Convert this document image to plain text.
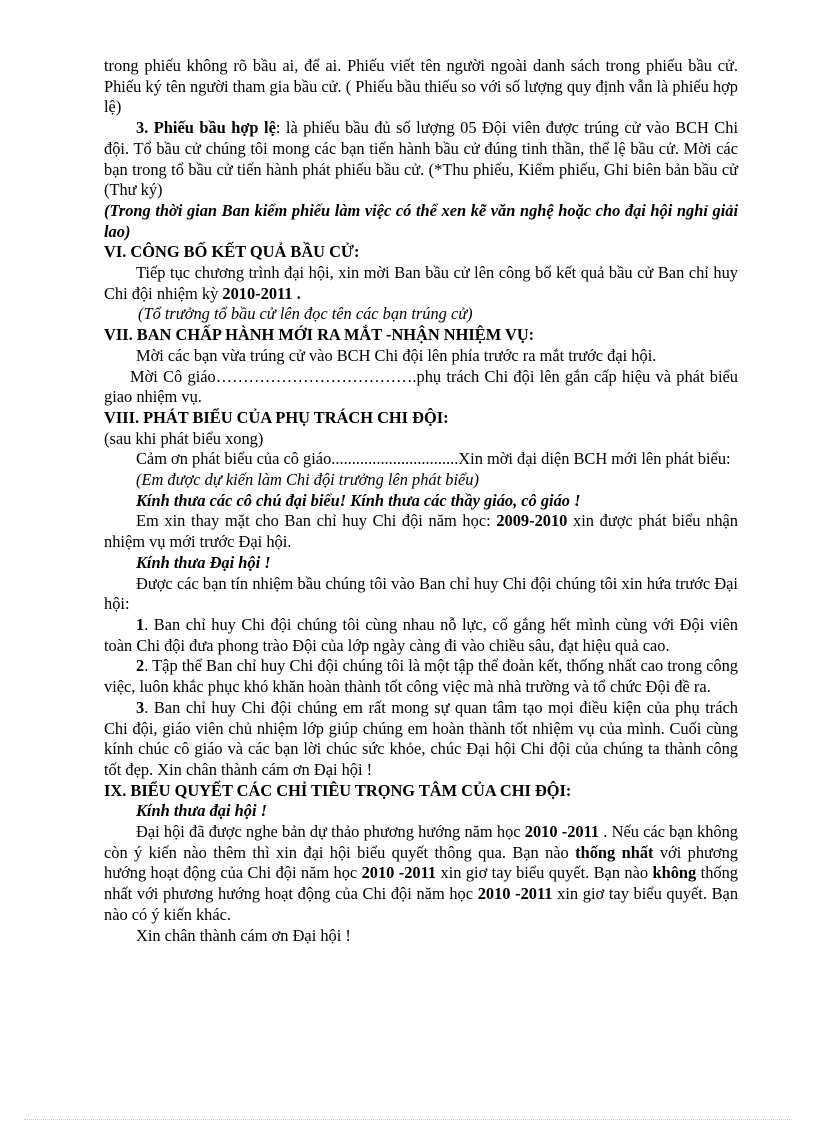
trong phiếu không rõ bầu ai, để ai. Phiếu viết tên người ngoài danh sách trong phiếu bầu cử. Phiếu ký tên người tham gia bầu cử. ( Phiếu bầu thiếu so với số lượng quy định vẫn là phiếu hợp lệ)

3. Phiếu bầu hợp lệ: là phiếu bầu đủ số lượng 05 Đội viên được trúng cử vào BCH Chi đội. Tổ bầu cử chúng tôi mong các bạn tiến hành bầu cử đúng tinh thần, thể lệ bầu cử. Mời các bạn trong tổ bầu cử tiến hành phát phiếu bầu cử. (*Thu phiếu, Kiểm phiếu, Ghi biên bản bầu cử (Thư ký)

(Trong thời gian Ban kiểm phiếu làm việc có thể xen kẽ văn nghệ hoặc cho đại hội nghỉ giải lao)

VI. CÔNG BỐ KẾT QUẢ BẦU CỬ:

Tiếp tục chương trình đại hội, xin mời Ban bầu cử lên công bố kết quả bầu cử Ban chỉ huy Chi đội nhiệm kỳ 2010-2011 .

(Tổ trưởng tổ bầu cử lên đọc tên các bạn trúng cử)

VII. BAN CHẤP HÀNH MỚI RA MẮT -NHẬN NHIỆM VỤ:

Mời các bạn vừa trúng cử vào BCH Chi đội lên phía trước ra mắt trước đại hội.

Mời Cô giáo……………………………….phụ trách Chi đội lên gắn cấp hiệu và phát biểu giao nhiệm vụ.

VIII. PHÁT BIỂU CỦA PHỤ TRÁCH CHI ĐỘI:

(sau khi phát biểu xong)

Cảm ơn phát biểu của cô giáo...............................Xin mời đại diện BCH mới lên phát biểu:

(Em được dự kiến làm Chi đội trưởng lên phát biểu)

Kính thưa các cô chú đại biểu! Kính thưa các thầy giáo, cô giáo !

Em xin thay mặt cho Ban chỉ huy Chi đội năm học: 2009-2010 xin được phát biểu nhận nhiệm vụ mới trước Đại hội.

Kính thưa Đại hội !

Được các bạn tín nhiệm bầu chúng tôi vào Ban chỉ huy Chi đội chúng tôi xin hứa trước Đại hội:

1. Ban chỉ huy Chi đội chúng tôi cùng nhau nỗ lực, cố gắng hết mình cùng với Đội viên toàn Chi đội đưa phong trào Đội của lớp ngày càng đi vào chiều sâu, đạt hiệu quả cao.

2. Tập thể Ban chỉ huy Chi đội chúng tôi là một tập thể đoàn kết, thống nhất cao trong công việc, luôn khắc phục khó khăn hoàn thành tốt công việc mà nhà trường và tổ chức Đội đề ra.

3. Ban chỉ huy Chi đội chúng em rất mong sự quan tâm tạo mọi điều kiện của phụ trách Chi đội, giáo viên chủ nhiệm lớp giúp chúng em hoàn thành tốt nhiệm vụ của mình. Cuối cùng kính chúc cô giáo và các bạn lời chúc sức khỏe, chúc Đại hội Chi đội của chúng ta thành công tốt đẹp. Xin chân thành cám ơn Đại hội !

IX. BIỂU QUYẾT CÁC CHỈ TIÊU TRỌNG TÂM CỦA CHI ĐỘI:

Kính thưa đại hội !

Đại hội đã được nghe bản dự thảo phương hướng năm học 2010 -2011 . Nếu các bạn không còn ý kiến nào thêm thì xin đại hội biểu quyết thông qua. Bạn nào thống nhất với phương hướng hoạt động của Chi đội năm học 2010 -2011 xin giơ tay biểu quyết. Bạn nào không thống nhất với phương hướng hoạt động của Chi đội năm học 2010 -2011 xin giơ tay biểu quyết. Bạn nào có ý kiến khác.

Xin chân thành cám ơn Đại hội !
